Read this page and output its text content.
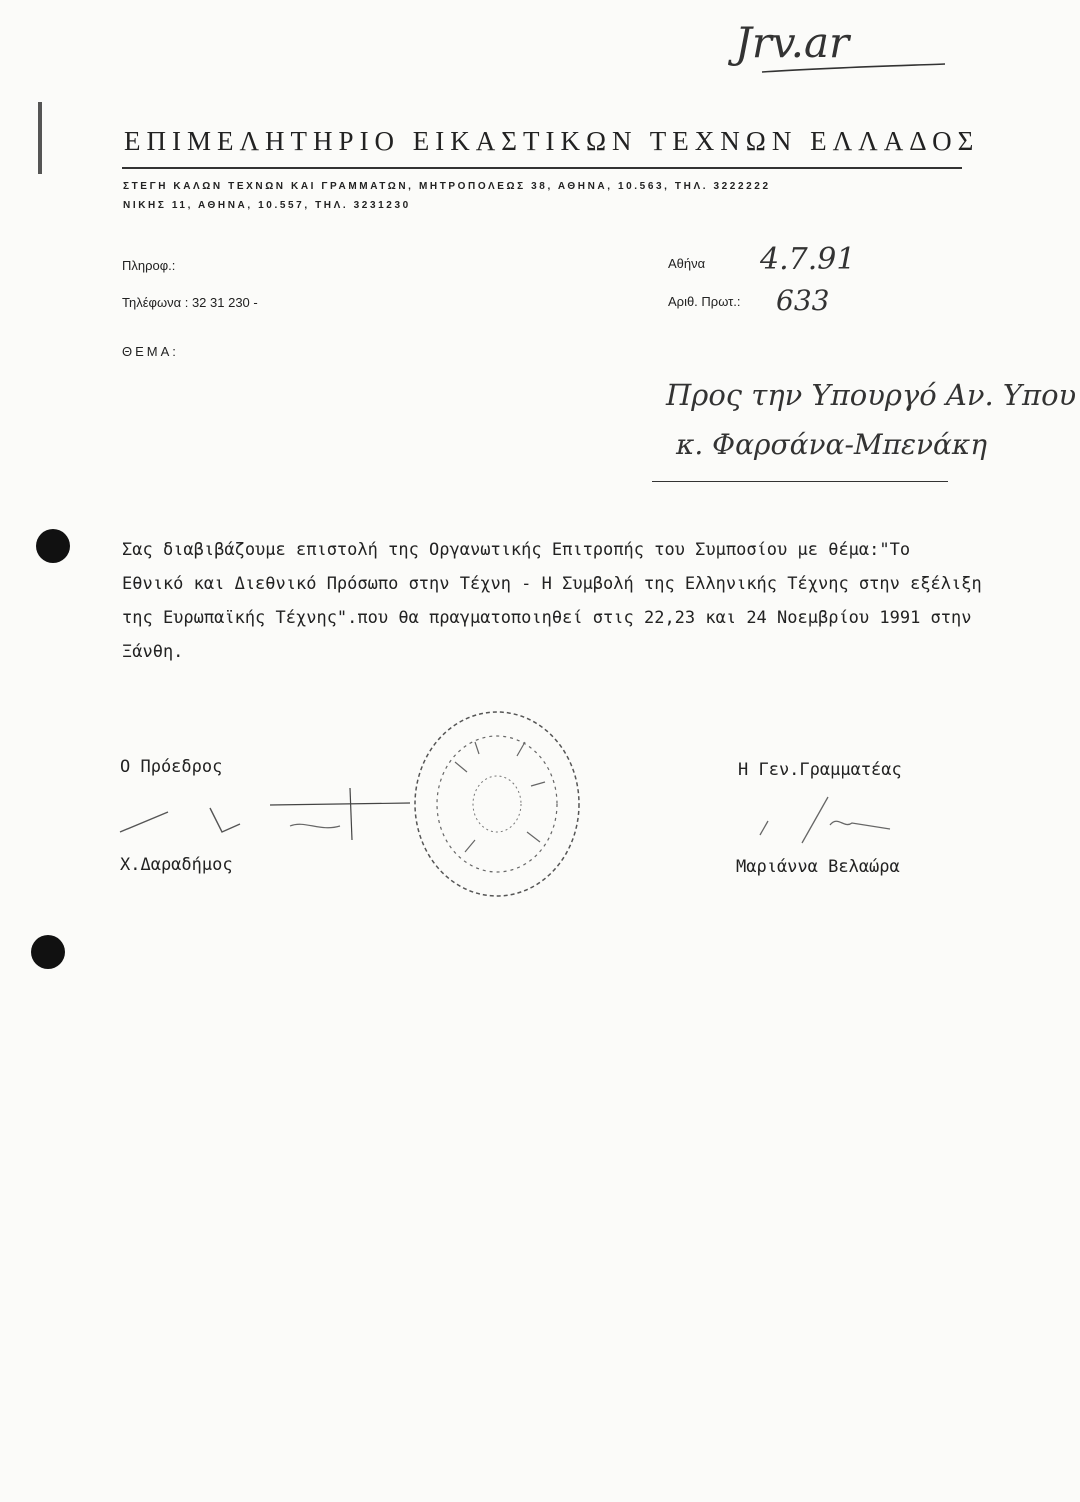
Jrv.ar
ΕΠΙΜΕΛΗΤΗΡΙΟ ΕΙΚΑΣΤΙΚΩΝ ΤΕΧΝΩΝ ΕΛΛΑΔΟΣ
ΣΤΕΓΗ ΚΑΛΩΝ ΤΕΧΝΩΝ ΚΑΙ ΓΡΑΜΜΑΤΩΝ, ΜΗΤΡΟΠΟΛΕΩΣ 38, ΑΘΗΝΑ, 10.563, ΤΗΛ. 3222222
ΝΙΚΗΣ 11, ΑΘΗΝΑ, 10.557, ΤΗΛ. 3231230
Πληροφ.:
Τηλέφωνα : 32 31 230 -
ΘΕΜΑ:
Αθήνα 4.7.91
Αριθ. Πρωτ.: 633
Προς την Υπουργό Αν. Υπου
κ. Φαρσάνα-Μπενάκη
Σας διαβιβάζουμε επιστολή της Οργανωτικής Επιτροπής του Συμποσίου με θέμα:"Το
Εθνικό και Διεθνικό Πρόσωπο στην Τέχνη - Η Συμβολή της Ελληνικής Τέχνης στην εξέλιξη
της Ευρωπαϊκής Τέχνης".που θα πραγματοποιηθεί στις 22,23 και 24 Νοεμβρίου 1991 στην
Ξάνθη.
Ο Πρόεδρος
Χ.Δαραδήμος
Η Γεν.Γραμματέας
Μαριάννα Βελαώρα
